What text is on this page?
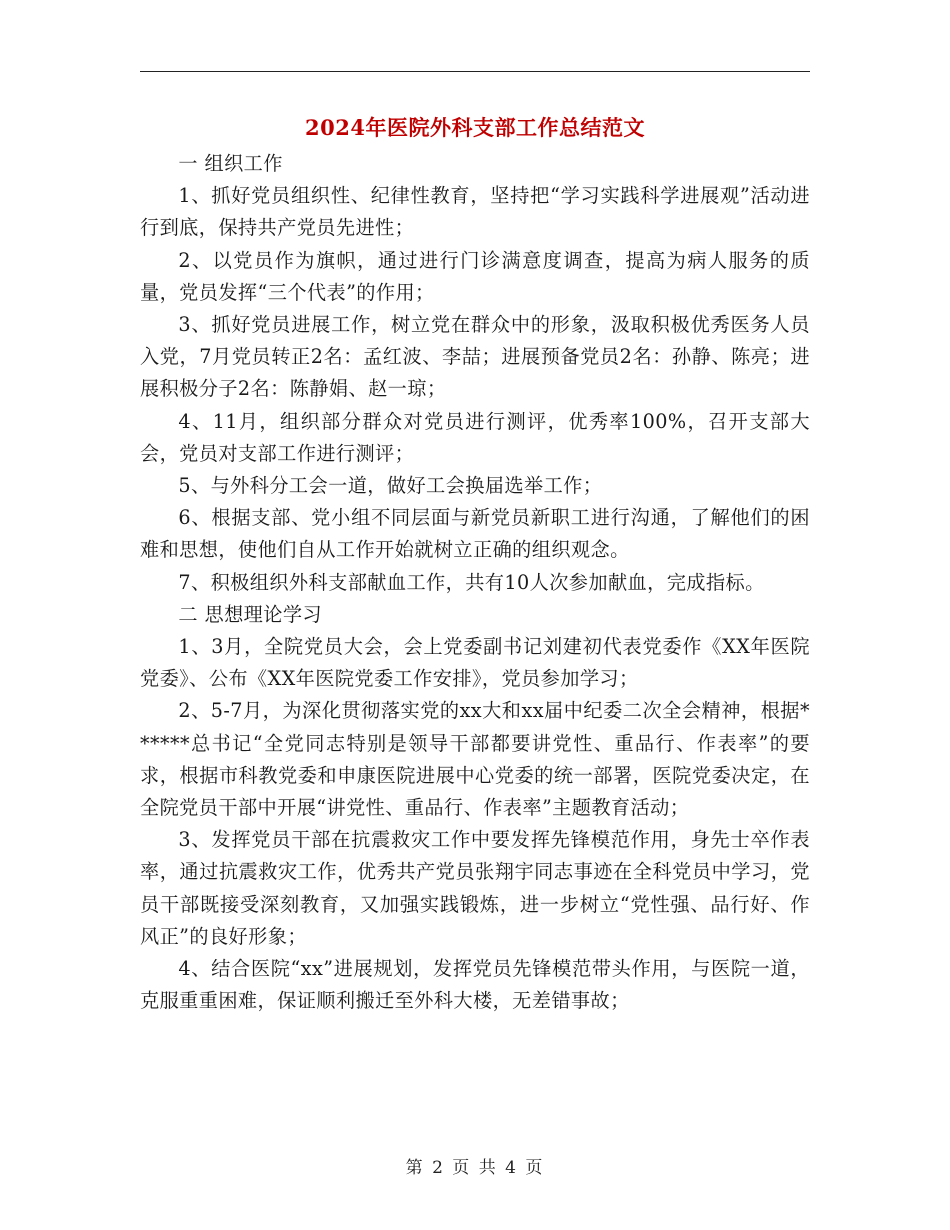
2024年医院外科支部工作总结范文

一 组织工作

1、抓好党员组织性、纪律性教育，坚持把“学习实践科学进展观”活动进行到底，保持共产党员先进性；

2、以党员作为旗帜，通过进行门诊满意度调查，提高为病人服务的质量，党员发挥“三个代表”的作用；

3、抓好党员进展工作，树立党在群众中的形象，汲取积极优秀医务人员入党，7月党员转正2名：孟红波、李喆；进展预备党员2名：孙静、陈亮；进展积极分子2名：陈静娟、赵一琼；

4、11月，组织部分群众对党员进行测评，优秀率100%，召开支部大会，党员对支部工作进行测评；

5、与外科分工会一道，做好工会换届选举工作；

6、根据支部、党小组不同层面与新党员新职工进行沟通，了解他们的困难和思想，使他们自从工作开始就树立正确的组织观念。

7、积极组织外科支部献血工作，共有10人次参加献血，完成指标。

二 思想理论学习

1、3月，全院党员大会，会上党委副书记刘建初代表党委作《XX年医院党委》、公布《XX年医院党委工作安排》，党员参加学习；

2、5-7月，为深化贯彻落实党的xx大和xx届中纪委二次全会精神，根据******总书记“全党同志特别是领导干部都要讲党性、重品行、作表率”的要求，根据市科教党委和申康医院进展中心党委的统一部署，医院党委决定，在全院党员干部中开展“讲党性、重品行、作表率”主题教育活动；

3、发挥党员干部在抗震救灾工作中要发挥先锋模范作用，身先士卒作表率，通过抗震救灾工作，优秀共产党员张翔宇同志事迹在全科党员中学习，党员干部既接受深刻教育，又加强实践锻炼，进一步树立“党性强、品行好、作风正”的良好形象；

4、结合医院“xx”进展规划，发挥党员先锋模范带头作用，与医院一道，克服重重困难，保证顺利搬迁至外科大楼，无差错事故；

第 2 页 共 4 页
